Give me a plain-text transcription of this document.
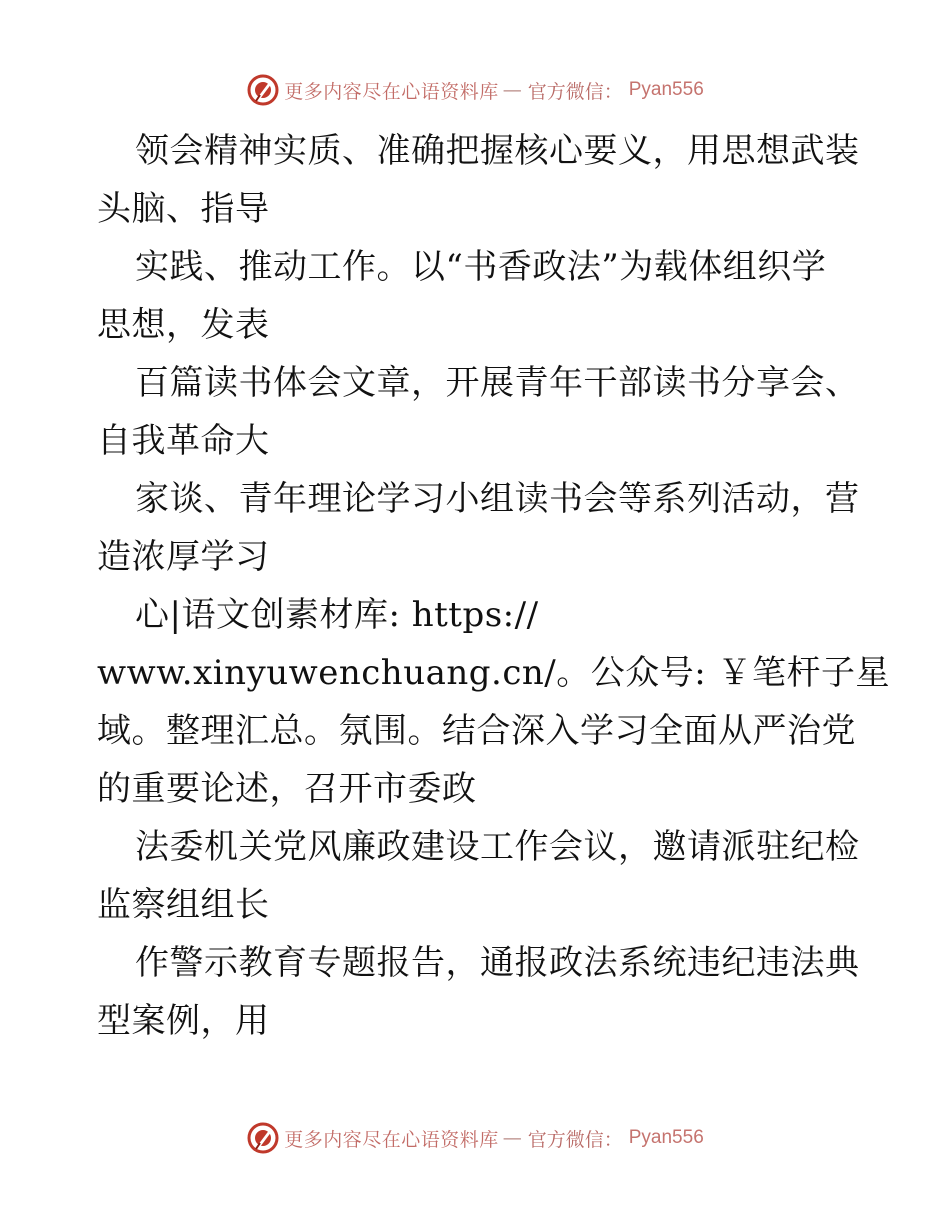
更多内容尽在心语资料库 — 官方微信： Pyan556
领会精神实质、准确把握核心要义，用思想武装
头脑、指导
实践、推动工作。以“书香政法”为载体组织学
思想，发表
百篇读书体会文章，开展青年干部读书分享会、
自我革命大
家谈、青年理论学习小组读书会等系列活动，营
造浓厚学习
心|语文创素材库: https://
www.xinyuwenchuang.cn/。公众号: ￥笔杆子星
域。整理汇总。氛围。结合深入学习全面从严治党
的重要论述，召开市委政
法委机关党风廉政建设工作会议，邀请派驻纪检
监察组组长
作警示教育专题报告，通报政法系统违纪违法典
型案例，用
更多内容尽在心语资料库 — 官方微信： Pyan556
